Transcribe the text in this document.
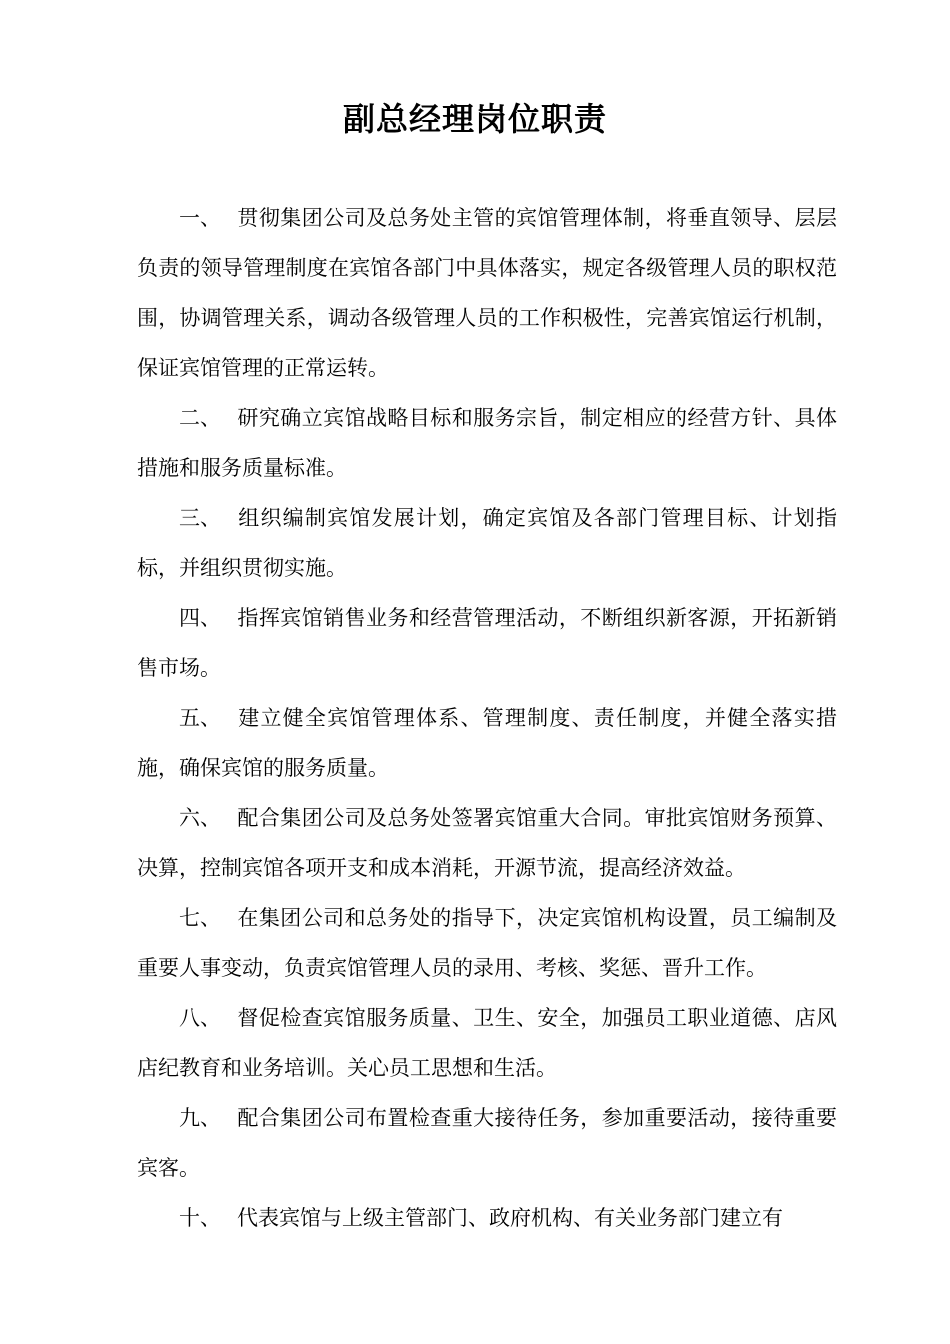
副总经理岗位职责

一、 贯彻集团公司及总务处主管的宾馆管理体制，将垂直领导、层层负责的领导管理制度在宾馆各部门中具体落实，规定各级管理人员的职权范围，协调管理关系，调动各级管理人员的工作积极性，完善宾馆运行机制，保证宾馆管理的正常运转。

二、 研究确立宾馆战略目标和服务宗旨，制定相应的经营方针、具体措施和服务质量标准。

三、 组织编制宾馆发展计划，确定宾馆及各部门管理目标、计划指标，并组织贯彻实施。

四、 指挥宾馆销售业务和经营管理活动，不断组织新客源，开拓新销售市场。

五、 建立健全宾馆管理体系、管理制度、责任制度，并健全落实措施，确保宾馆的服务质量。

六、 配合集团公司及总务处签署宾馆重大合同。审批宾馆财务预算、决算，控制宾馆各项开支和成本消耗，开源节流，提高经济效益。

七、 在集团公司和总务处的指导下，决定宾馆机构设置，员工编制及重要人事变动，负责宾馆管理人员的录用、考核、奖惩、晋升工作。

八、 督促检查宾馆服务质量、卫生、安全，加强员工职业道德、店风店纪教育和业务培训。关心员工思想和生活。

九、 配合集团公司布置检查重大接待任务，参加重要活动，接待重要宾客。

十、 代表宾馆与上级主管部门、政府机构、有关业务部门建立有
